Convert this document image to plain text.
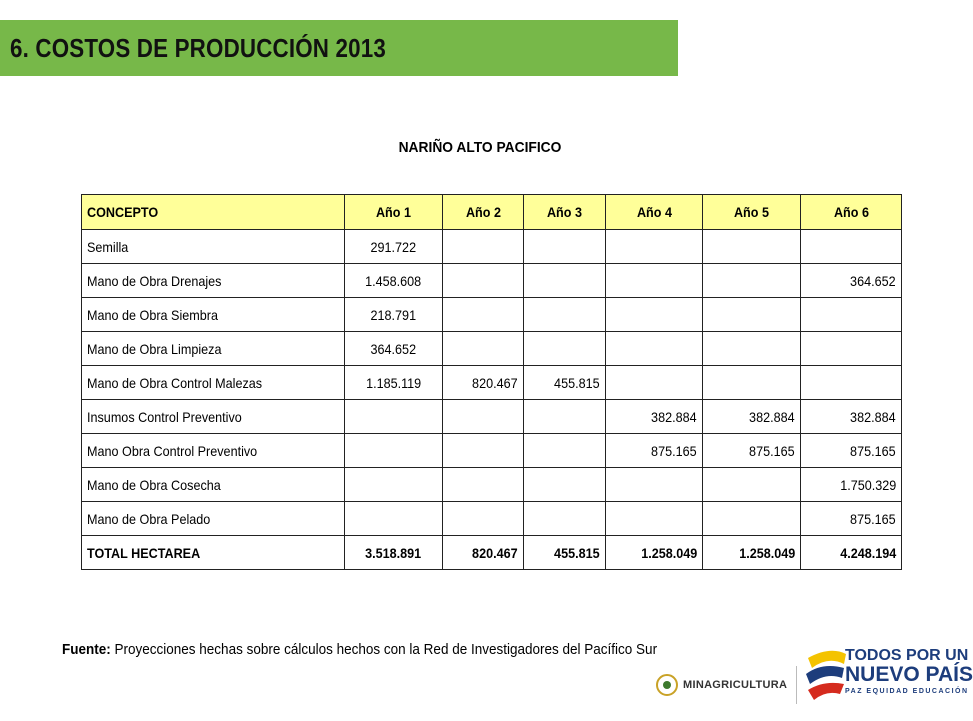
6. COSTOS DE PRODUCCIÓN 2013
NARIÑO ALTO PACIFICO
CONCEPTO	Año 1	Año 2	Año 3	Año 4	Año 5	Año 6
Semilla	291.722					
Mano de Obra Drenajes	1.458.608					364.652
Mano de Obra Siembra	218.791					
Mano de Obra Limpieza	364.652					
Mano de Obra Control Malezas	1.185.119	820.467	455.815			
Insumos Control Preventivo				382.884	382.884	382.884
Mano Obra Control Preventivo				875.165	875.165	875.165
Mano de Obra Cosecha						1.750.329
Mano de Obra Pelado						875.165
TOTAL HECTAREA	3.518.891	820.467	455.815	1.258.049	1.258.049	4.248.194
Fuente: Proyecciones hechas sobre cálculos hechos con la Red de Investigadores del Pacífico Sur
MINAGRICULTURA
TODOS POR UN
NUEVO PAÍS
PAZ EQUIDAD EDUCACIÓN
